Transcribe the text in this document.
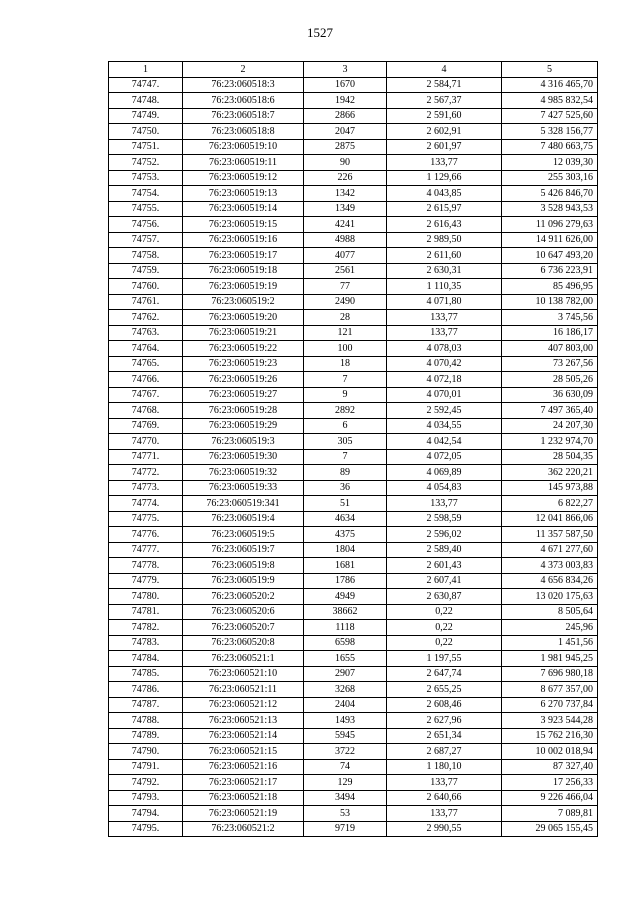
1527
1	2	3	4	5
74747.	76:23:060518:3	1670	2 584,71	4 316 465,70
74748.	76:23:060518:6	1942	2 567,37	4 985 832,54
74749.	76:23:060518:7	2866	2 591,60	7 427 525,60
74750.	76:23:060518:8	2047	2 602,91	5 328 156,77
74751.	76:23:060519:10	2875	2 601,97	7 480 663,75
74752.	76:23:060519:11	90	133,77	12 039,30
74753.	76:23:060519:12	226	1 129,66	255 303,16
74754.	76:23:060519:13	1342	4 043,85	5 426 846,70
74755.	76:23:060519:14	1349	2 615,97	3 528 943,53
74756.	76:23:060519:15	4241	2 616,43	11 096 279,63
74757.	76:23:060519:16	4988	2 989,50	14 911 626,00
74758.	76:23:060519:17	4077	2 611,60	10 647 493,20
74759.	76:23:060519:18	2561	2 630,31	6 736 223,91
74760.	76:23:060519:19	77	1 110,35	85 496,95
74761.	76:23:060519:2	2490	4 071,80	10 138 782,00
74762.	76:23:060519:20	28	133,77	3 745,56
74763.	76:23:060519:21	121	133,77	16 186,17
74764.	76:23:060519:22	100	4 078,03	407 803,00
74765.	76:23:060519:23	18	4 070,42	73 267,56
74766.	76:23:060519:26	7	4 072,18	28 505,26
74767.	76:23:060519:27	9	4 070,01	36 630,09
74768.	76:23:060519:28	2892	2 592,45	7 497 365,40
74769.	76:23:060519:29	6	4 034,55	24 207,30
74770.	76:23:060519:3	305	4 042,54	1 232 974,70
74771.	76:23:060519:30	7	4 072,05	28 504,35
74772.	76:23:060519:32	89	4 069,89	362 220,21
74773.	76:23:060519:33	36	4 054,83	145 973,88
74774.	76:23:060519:341	51	133,77	6 822,27
74775.	76:23:060519:4	4634	2 598,59	12 041 866,06
74776.	76:23:060519:5	4375	2 596,02	11 357 587,50
74777.	76:23:060519:7	1804	2 589,40	4 671 277,60
74778.	76:23:060519:8	1681	2 601,43	4 373 003,83
74779.	76:23:060519:9	1786	2 607,41	4 656 834,26
74780.	76:23:060520:2	4949	2 630,87	13 020 175,63
74781.	76:23:060520:6	38662	0,22	8 505,64
74782.	76:23:060520:7	1118	0,22	245,96
74783.	76:23:060520:8	6598	0,22	1 451,56
74784.	76:23:060521:1	1655	1 197,55	1 981 945,25
74785.	76:23:060521:10	2907	2 647,74	7 696 980,18
74786.	76:23:060521:11	3268	2 655,25	8 677 357,00
74787.	76:23:060521:12	2404	2 608,46	6 270 737,84
74788.	76:23:060521:13	1493	2 627,96	3 923 544,28
74789.	76:23:060521:14	5945	2 651,34	15 762 216,30
74790.	76:23:060521:15	3722	2 687,27	10 002 018,94
74791.	76:23:060521:16	74	1 180,10	87 327,40
74792.	76:23:060521:17	129	133,77	17 256,33
74793.	76:23:060521:18	3494	2 640,66	9 226 466,04
74794.	76:23:060521:19	53	133,77	7 089,81
74795.	76:23:060521:2	9719	2 990,55	29 065 155,45
